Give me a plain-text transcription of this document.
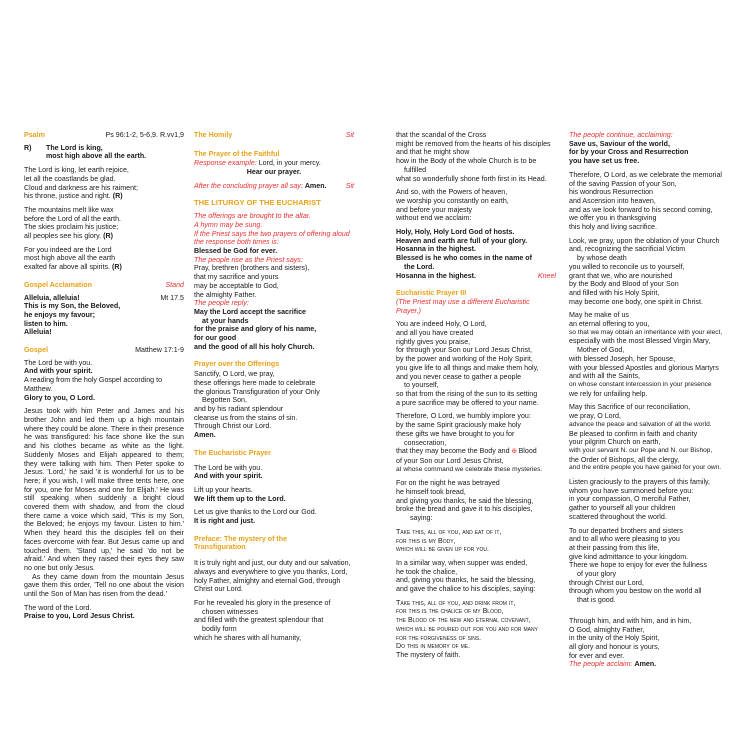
Psalm	Ps 96:1-2, 5-6,9. R.vv1,9
R)	The Lord is king,
most high above all the earth.
The Lord is king, let earth rejoice,
let all the coastlands be glad.
Cloud and darkness are his raiment;
his throne, justice and right. (R)
The mountains melt like wax
before the Lord of all the earth.
The skies proclaim his justice;
all peoples see his glory. (R)
For you indeed are the Lord
most high above all the earth
exalted far above all spirits. (R)
Gospel Acclamation	Stand
Alleluia, alleluia!	Mt 17.5
This is my Son, the Beloved,
he enjoys my favour;
listen to him.
Alleluia!
Gospel	Matthew 17:1-9
The Lord be with you.
And with your spirit.
A reading from the holy Gospel according to Matthew.
Glory to you, O Lord.
Jesus took with him Peter and James and his brother John and led them up a high mountain where they could be alone. There in their presence he was transfigured: his face shone like the sun and his clothes became as white as the light. Suddenly Moses and Elijah appeared to them; they were talking with him. Then Peter spoke to Jesus. 'Lord,' he said 'it is wonderful for us to be here; if you wish, I will make three tents here, one for you, one for Moses and one for Elijah.' He was still speaking when suddenly a bright cloud covered them with shadow, and from the cloud there came a voice which said, 'This is my Son, the Beloved; he enjoys my favour. Listen to him.' When they heard this the disciples fell on their faces overcome with fear. But Jesus came up and touched them. 'Stand up,' he said 'do not be afraid.' And when they raised their eyes they saw no one but only Jesus.
As they came down from the mountain Jesus gave them this order, 'Tell no one about the vision until the Son of Man has risen from the dead.'
The word of the Lord.
Praise to you, Lord Jesus Christ.
The Homily	Sit
The Prayer of the Faithful
Response example: Lord, in your mercy.
Hear our prayer.
After the concluding prayer all say: Amen.	Sit
THE LITURGY OF THE EUCHARIST
The offerings are brought to the altar.
A hymn may be sung.
If the Priest says the two prayers of offering aloud the response both times is:
Blessed be God for ever.
The people rise as the Priest says:
Pray, brethren (brothers and sisters),
that my sacrifice and yours
may be acceptable to God,
the almighty Father.
The people reply:
May the Lord accept the sacrifice
at your hands
for the praise and glory of his name,
for our good
and the good of all his holy Church.
Prayer over the Offerings
Sanctify, O Lord, we pray,
these offerings here made to celebrate
the glorious Transfiguration of your Only
Begotten Son,
and by his radiant splendour
cleanse us from the stains of sin.
Through Christ our Lord.
Amen.
The Eucharistic Prayer
The Lord be with you.
And with your spirit.
Lift up your hearts.
We lift them up to the Lord.
Let us give thanks to the Lord our God.
It is right and just.
Preface: The mystery of the Transfiguration
It is truly right and just, our duty and our salvation, always and everywhere to give you thanks, Lord, holy Father, almighty and eternal God, through Christ our Lord.
For he revealed his glory in the presence of
chosen witnesses
and filled with the greatest splendour that
bodily form
which he shares with all humanity,
that the scandal of the Cross
might be removed from the hearts of his disciples
and that he might show
how in the Body of the whole Church is to be
fulfilled
what so wonderfully shone forth first in its Head.
And so, with the Powers of heaven,
we worship you constantly on earth,
and before your majesty
without end we acclaim:
Holy, Holy, Holy Lord God of hosts.
Heaven and earth are full of your glory.
Hosanna in the highest.
Blessed is he who comes in the name of
the Lord.
Hosanna in the highest.	Kneel
Eucharistic Prayer III
(The Priest may use a different Eucharistic Prayer.)
You are indeed Holy, O Lord,
and all you have created
rightly gives you praise,
for through your Son our Lord Jesus Christ,
by the power and working of the Holy Spirit,
you give life to all things and make them holy,
and you never cease to gather a people
to yourself,
so that from the rising of the sun to its setting
a pure sacrifice may be offered to your name.
Therefore, O Lord, we humbly implore you:
by the same Spirit graciously make holy
these gifts we have brought to you for
consecration,
that they may become the Body and ✠ Blood
of your Son our Lord Jesus Christ,
at whose command we celebrate these mysteries.
For on the night he was betrayed
he himself took bread,
and giving you thanks, he said the blessing,
broke the bread and gave it to his disciples,
saying:
Take this, all of you, and eat of it,
for this is my Body,
which will be given up for you.
In a similar way, when supper was ended,
he took the chalice,
and, giving you thanks, he said the blessing,
and gave the chalice to his disciples, saying:
Take this, all of you, and drink from it,
for this is the chalice of my Blood,
the Blood of the new and eternal covenant,
which will be poured out for you and for many
for the forgiveness of sins.
Do this in memory of me.
The mystery of faith.
The people continue, acclaiming:
Save us, Saviour of the world,
for by your Cross and Resurrection
you have set us free.
Therefore, O Lord, as we celebrate the memorial
of the saving Passion of your Son,
his wondrous Resurrection
and Ascension into heaven,
and as we look forward to his second coming,
we offer you in thanksgiving
this holy and living sacrifice.
Look, we pray, upon the oblation of your Church
and, recognizing the sacrificial Victim
by whose death
you willed to reconcile us to yourself,
grant that we, who are nourished
by the Body and Blood of your Son
and filled with his Holy Spirit,
may become one body, one spirit in Christ.
May he make of us
an eternal offering to you,
so that we may obtain an inheritance with your elect,
especially with the most Blessed Virgin Mary,
Mother of God,
with blessed Joseph, her Spouse,
with your blessed Apostles and glorious Martyrs
and with all the Saints,
on whose constant intercession in your presence
we rely for unfailing help.
May this Sacrifice of our reconciliation,
we pray, O Lord,
advance the peace and salvation of all the world.
Be pleased to confirm in faith and charity
your pilgrim Church on earth,
with your servant N. our Pope and N. our Bishop,
the Order of Bishops, all the clergy,
and the entire people you have gained for your own.
Listen graciously to the prayers of this family,
whom you have summoned before you:
in your compassion, O merciful Father,
gather to yourself all your children
scattered throughout the world.
To our departed brothers and sisters
and to all who were pleasing to you
at their passing from this life,
give kind admittance to your kingdom.
There we hope to enjoy for ever the fullness
of your glory
through Christ our Lord,
through whom you bestow on the world all
that is good.
Through him, and with him, and in him,
O God, almighty Father,
in the unity of the Holy Spirit,
all glory and honour is yours,
for ever and ever.
The people acclaim: Amen.
